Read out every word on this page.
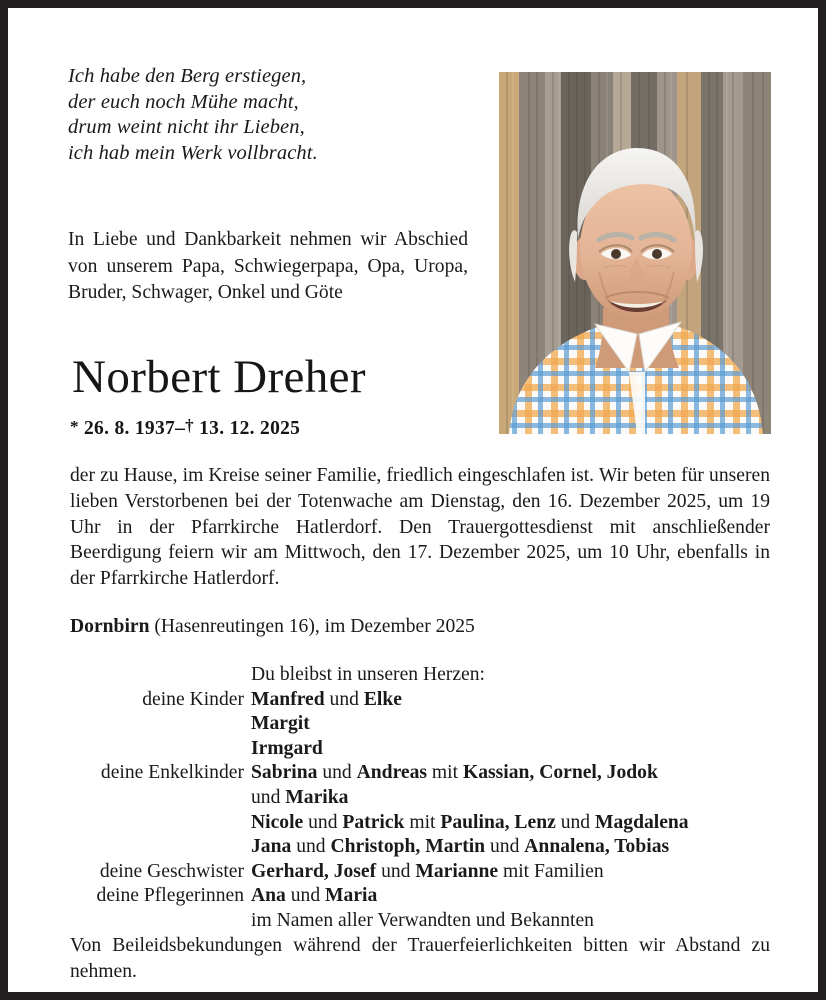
Ich habe den Berg erstiegen,
der euch noch Mühe macht,
drum weint nicht ihr Lieben,
ich hab mein Werk vollbracht.
In Liebe und Dankbarkeit nehmen wir Abschied von unserem Papa, Schwiegerpapa, Opa, Uropa, Bruder, Schwager, Onkel und Göte
Norbert Dreher
* 26. 8. 1937–† 13. 12. 2025
der zu Hause, im Kreise seiner Familie, friedlich eingeschlafen ist. Wir beten für unseren lieben Verstorbenen bei der Totenwache am Dienstag, den 16. Dezember 2025, um 19 Uhr in der Pfarrkirche Hatlerdorf. Den Trauergottesdienst mit anschließender Beerdigung feiern wir am Mittwoch, den 17. Dezember 2025, um 10 Uhr, ebenfalls in der Pfarrkirche Hatlerdorf.
Dornbirn (Hasenreutingen 16), im Dezember 2025
Du bleibst in unseren Herzen:
deine Kinder Manfred und Elke
Margit
Irmgard
deine Enkelkinder Sabrina und Andreas mit Kassian, Cornel, Jodok
und Marika
Nicole und Patrick mit Paulina, Lenz und Magdalena
Jana und Christoph, Martin und Annalena, Tobias
deine Geschwister Gerhard, Josef und Marianne mit Familien
deine Pflegerinnen Ana und Maria
im Namen aller Verwandten und Bekannten
Von Beileidsbekundungen während der Trauerfeierlichkeiten bitten wir Abstand zu nehmen.
